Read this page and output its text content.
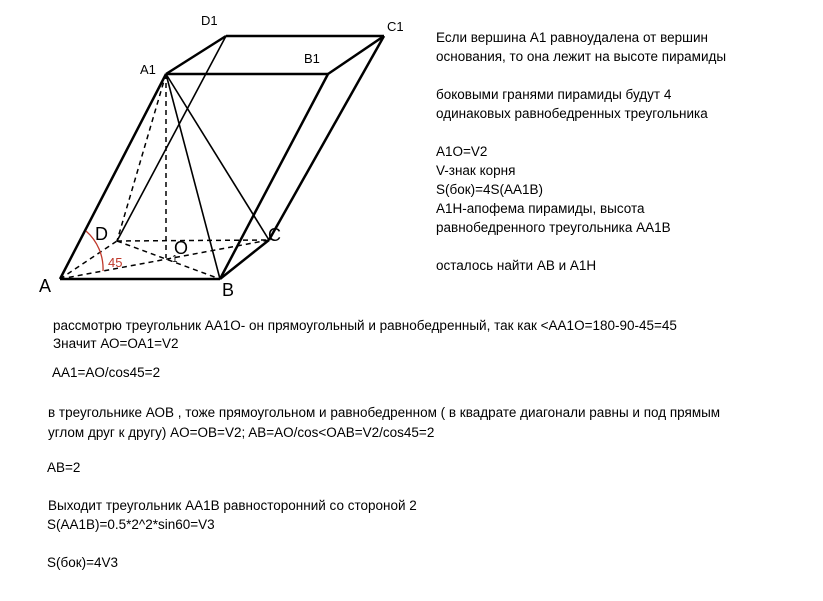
45	1
A	B
C
D
O
A1
B1
C1
D1
Если вершина А1 равноудалена от вершин
основания, то она лежит на высоте пирамиды
боковыми гранями пирамиды будут 4
одинаковых равнобедренных треугольника
A1O=V2
V-знак корня
S(бок)=4S(AA1B)
A1H-апофема пирамиды, высота
равнобедренного треугольника AA1B
осталось найти AB и A1H
рассмотрю треугольник АА1О- он прямоугольный и равнобедренный, так как <АА1О=180-90-45=45
Значит АО=ОА1=V2
AA1=AO/cos45=2
в треугольнике АОВ , тоже прямоугольном и равнобедренном ( в квадрате диагонали равны и под прямым
углом друг к другу) AO=OB=V2; AB=AO/cos<OAB=V2/cos45=2
AB=2
Выходит треугольник АА1В равносторонний со стороной 2
S(AA1B)=0.5*2^2*sin60=V3
S(бок)=4V3
